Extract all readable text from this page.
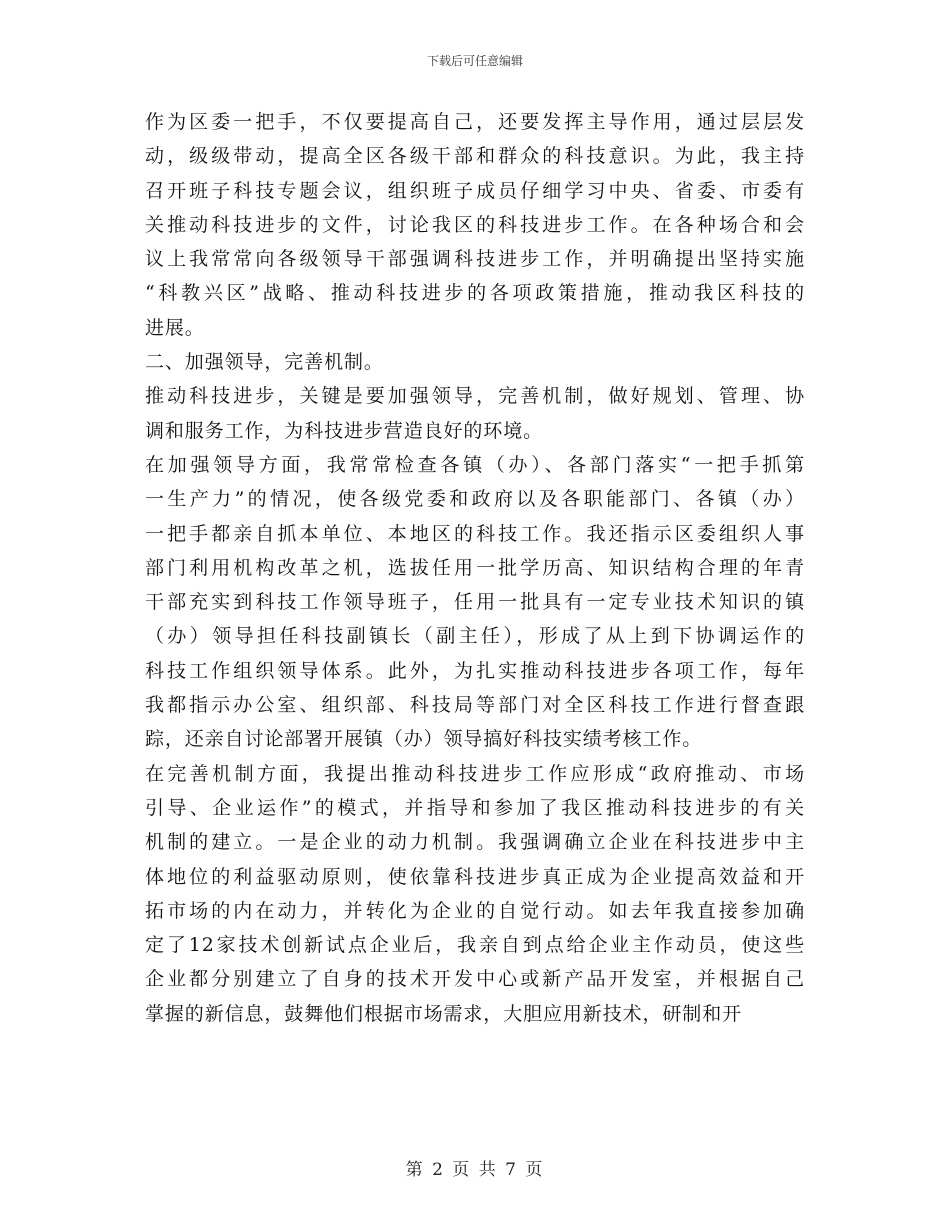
下载后可任意编辑

作为区委一把手，不仅要提高自己，还要发挥主导作用，通过层层发
动，级级带动，提高全区各级干部和群众的科技意识。为此，我主持
召开班子科技专题会议，组织班子成员仔细学习中央、省委、市委有
关推动科技进步的文件，讨论我区的科技进步工作。在各种场合和会
议上我常常向各级领导干部强调科技进步工作，并明确提出坚持实施
“科教兴区”战略、推动科技进步的各项政策措施，推动我区科技的
进展。

二、加强领导，完善机制。

推动科技进步，关键是要加强领导，完善机制，做好规划、管理、协
调和服务工作，为科技进步营造良好的环境。

在加强领导方面，我常常检查各镇（办）、各部门落实“一把手抓第
一生产力”的情况，使各级党委和政府以及各职能部门、各镇（办）
一把手都亲自抓本单位、本地区的科技工作。我还指示区委组织人事
部门利用机构改革之机，选拔任用一批学历高、知识结构合理的年青
干部充实到科技工作领导班子，任用一批具有一定专业技术知识的镇
（办）领导担任科技副镇长（副主任），形成了从上到下协调运作的
科技工作组织领导体系。此外，为扎实推动科技进步各项工作，每年
我都指示办公室、组织部、科技局等部门对全区科技工作进行督查跟
踪，还亲自讨论部署开展镇（办）领导搞好科技实绩考核工作。

在完善机制方面，我提出推动科技进步工作应形成“政府推动、市场
引导、企业运作”的模式，并指导和参加了我区推动科技进步的有关
机制的建立。一是企业的动力机制。我强调确立企业在科技进步中主
体地位的利益驱动原则，使依靠科技进步真正成为企业提高效益和开
拓市场的内在动力，并转化为企业的自觉行动。如去年我直接参加确
定了12家技术创新试点企业后，我亲自到点给企业主作动员，使这些
企业都分别建立了自身的技术开发中心或新产品开发室，并根据自己
掌握的新信息，鼓舞他们根据市场需求，大胆应用新技术，研制和开

第 2 页 共 7 页
